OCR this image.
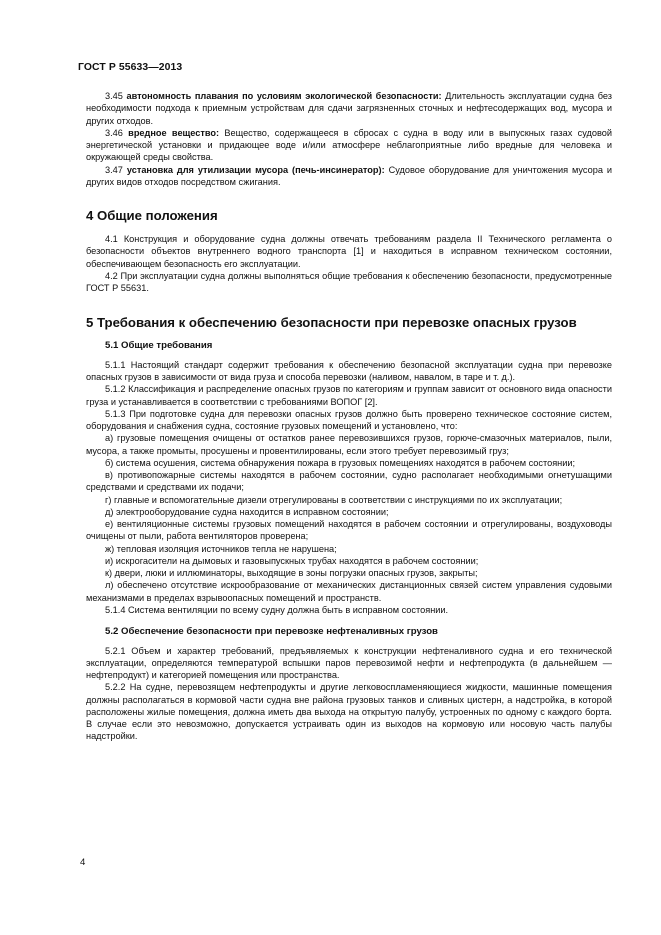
ГОСТ Р 55633—2013

3.45 автономность плавания по условиям экологической безопасности: Длительность эксплуатации судна без необходимости подхода к приемным устройствам для сдачи загрязненных сточных и нефтесодержащих вод, мусора и других отходов.

3.46 вредное вещество: Вещество, содержащееся в сбросах с судна в воду или в выпускных газах судовой энергетической установки и придающее воде и/или атмосфере неблагоприятные либо вредные для человека и окружающей среды свойства.

3.47 установка для утилизации мусора (печь-инсинератор): Судовое оборудование для уничтожения мусора и других видов отходов посредством сжигания.

4 Общие положения

4.1 Конструкция и оборудование судна должны отвечать требованиям раздела II Технического регламента о безопасности объектов внутреннего водного транспорта [1] и находиться в исправном техническом состоянии, обеспечивающем безопасность его эксплуатации.

4.2 При эксплуатации судна должны выполняться общие требования к обеспечению безопасности, предусмотренные ГОСТ Р 55631.

5 Требования к обеспечению безопасности при перевозке опасных грузов
5.1 Общие требования

5.1.1 Настоящий стандарт содержит требования к обеспечению безопасной эксплуатации судна при перевозке опасных грузов в зависимости от вида груза и способа перевозки (наливом, навалом, в таре и т. д.).

5.1.2 Классификация и распределение опасных грузов по категориям и группам зависит от основного вида опасности груза и устанавливается в соответствии с требованиями ВОПОГ [2].

5.1.3 При подготовке судна для перевозки опасных грузов должно быть проверено техническое состояние систем, оборудования и снабжения судна, состояние грузовых помещений и установлено, что:

а) грузовые помещения очищены от остатков ранее перевозившихся грузов, горюче-смазочных материалов, пыли, мусора, а также промыты, просушены и провентилированы, если этого требует перевозимый груз;

б) система осушения, система обнаружения пожара в грузовых помещениях находятся в рабочем состоянии;

в) противопожарные системы находятся в рабочем состоянии, судно располагает необходимыми огнетушащими средствами и средствами их подачи;

г) главные и вспомогательные дизели отрегулированы в соответствии с инструкциями по их эксплуатации;

д) электрооборудование судна находится в исправном состоянии;

е) вентиляционные системы грузовых помещений находятся в рабочем состоянии и отрегулированы, воздуховоды очищены от пыли, работа вентиляторов проверена;

ж) тепловая изоляция источников тепла не нарушена;

и) искрогасители на дымовых и газовыпускных трубах находятся в рабочем состоянии;

к) двери, люки и иллюминаторы, выходящие в зоны погрузки опасных грузов, закрыты;

л) обеспечено отсутствие искрообразование от механических дистанционных связей систем управления судовыми механизмами в пределах взрывоопасных помещений и пространств.

5.1.4 Система вентиляции по всему судну должна быть в исправном состоянии.

5.2 Обеспечение безопасности при перевозке нефтеналивных грузов

5.2.1 Объем и характер требований, предъявляемых к конструкции нефтеналивного судна и его технической эксплуатации, определяются температурой вспышки паров перевозимой нефти и нефтепродукта (в дальнейшем — нефтепродукт) и категорией помещения или пространства.

5.2.2 На судне, перевозящем нефтепродукты и другие легковоспламеняющиеся жидкости, машинные помещения должны располагаться в кормовой части судна вне района грузовых танков и сливных цистерн, а надстройка, в которой расположены жилые помещения, должна иметь два выхода на открытую палубу, устроенных по одному с каждого борта. В случае если это невозможно, допускается устраивать один из выходов на кормовую или носовую часть палубы надстройки.

4
